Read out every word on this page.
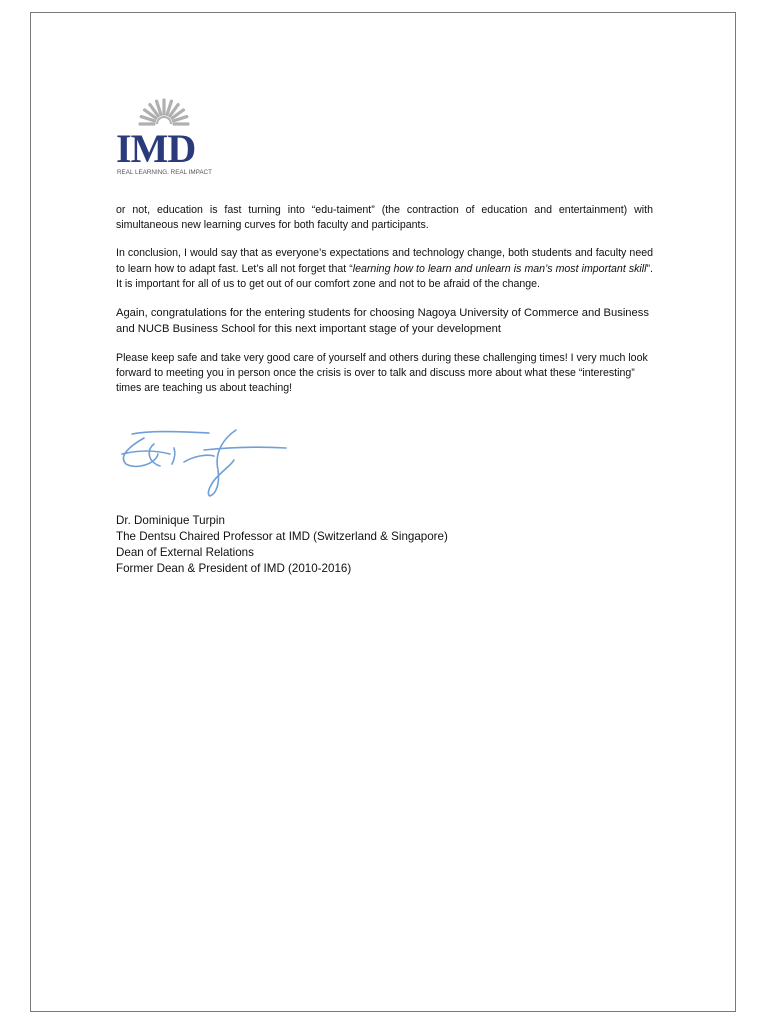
IMD
REAL LEARNING. REAL IMPACT

or not, education is fast turning into “edu-taiment” (the contraction of education and entertainment) with simultaneous new learning curves for both faculty and participants.

In conclusion, I would say that as everyone’s expectations and technology change, both students and faculty need to learn how to adapt fast. Let’s all not forget that “learning how to learn and unlearn is man’s most important skill”. It is important for all of us to get out of our comfort zone and not to be afraid of the change.

Again, congratulations for the entering students for choosing Nagoya University of Commerce and Business and NUCB Business School for this next important stage of your development

Please keep safe and take very good care of yourself and others during these challenging times! I very much look forward to meeting you in person once the crisis is over to talk and discuss more about what these “interesting” times are teaching us about teaching!

Dr. Dominique Turpin
The Dentsu Chaired Professor at IMD (Switzerland & Singapore)
Dean of External Relations
Former Dean & President of IMD (2010-2016)
